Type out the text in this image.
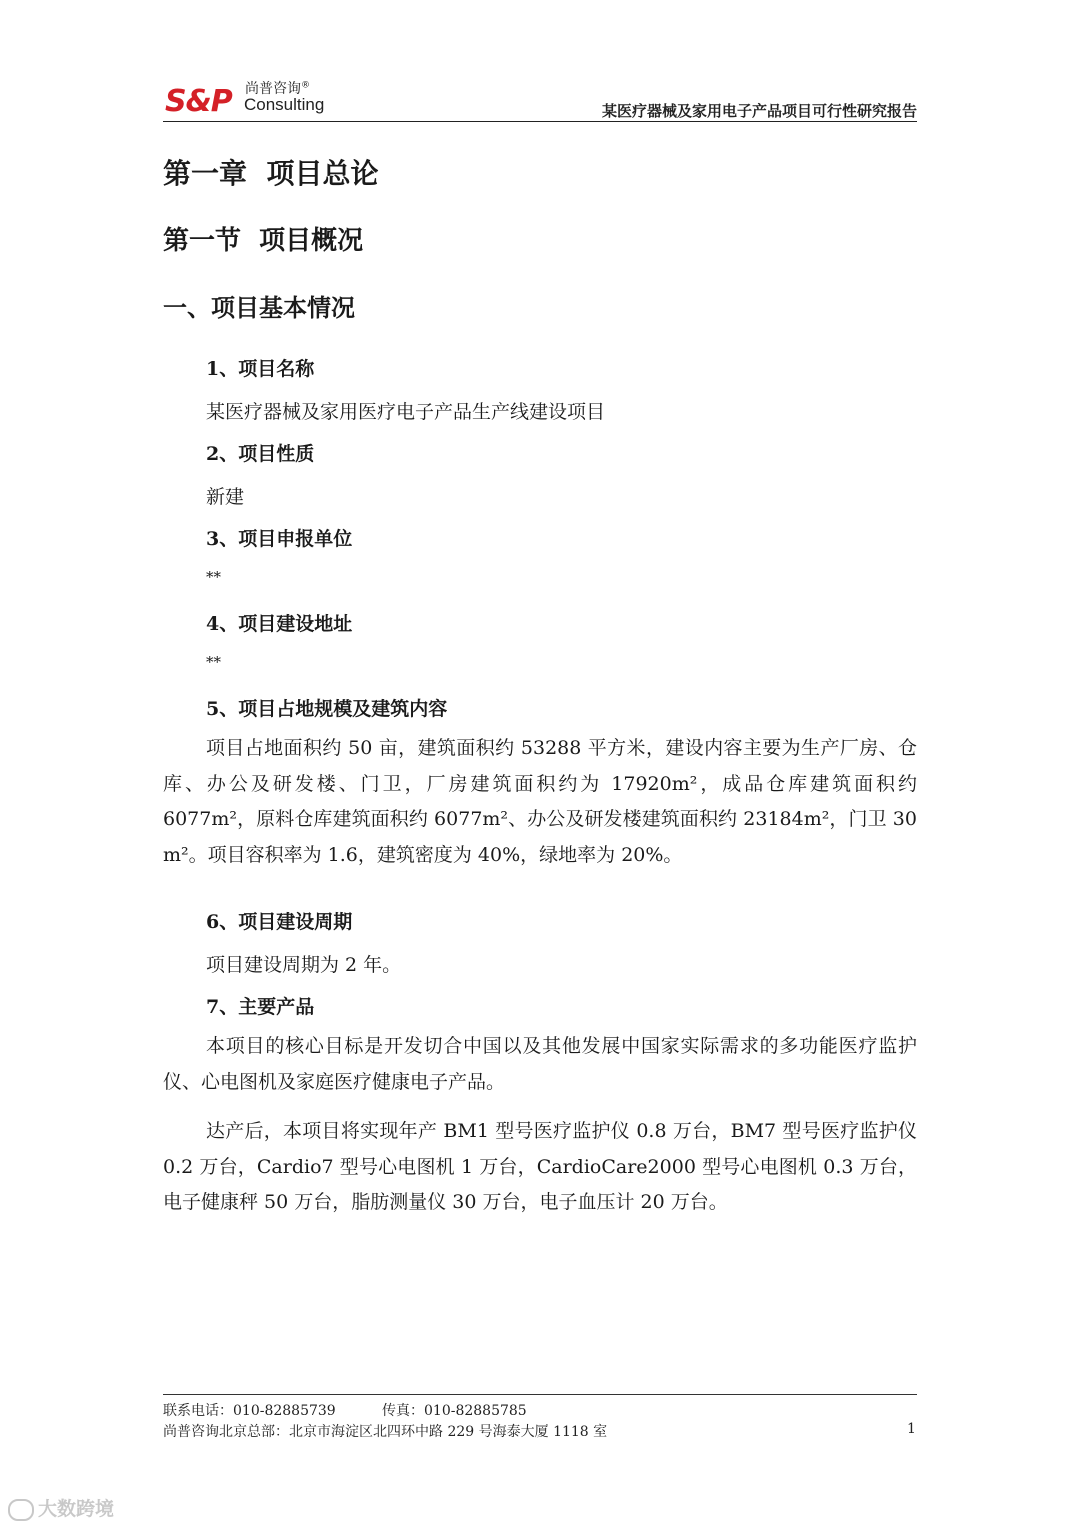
S&P 尚普咨询®
Consulting	某医疗器械及家用电子产品项目可行性研究报告
第一章  项目总论
第一节  项目概况
一、项目基本情况
1、项目名称
某医疗器械及家用医疗电子产品生产线建设项目
2、项目性质
新建
3、项目申报单位
**
4、项目建设地址
**
5、项目占地规模及建筑内容
项目占地面积约 50 亩，建筑面积约 53288 平方米，建设内容主要为生产厂房、仓库、办公及研发楼、门卫，厂房建筑面积约为 17920m²，成品仓库建筑面积约 6077m²，原料仓库建筑面积约 6077m²、办公及研发楼建筑面积约 23184m²，门卫 30 m²。项目容积率为 1.6，建筑密度为 40%，绿地率为 20%。
6、项目建设周期
项目建设周期为 2 年。
7、主要产品
本项目的核心目标是开发切合中国以及其他发展中国家实际需求的多功能医疗监护仪、心电图机及家庭医疗健康电子产品。
达产后，本项目将实现年产 BM1 型号医疗监护仪 0.8 万台，BM7 型号医疗监护仪 0.2 万台，Cardio7 型号心电图机 1 万台，CardioCare2000 型号心电图机 0.3 万台，电子健康秤 50 万台，脂肪测量仪 30 万台，电子血压计 20 万台。
联系电话：010-82885739	传真：010-82885785
尚普咨询北京总部：北京市海淀区北四环中路 229 号海泰大厦 1118 室	1
大数跨境
